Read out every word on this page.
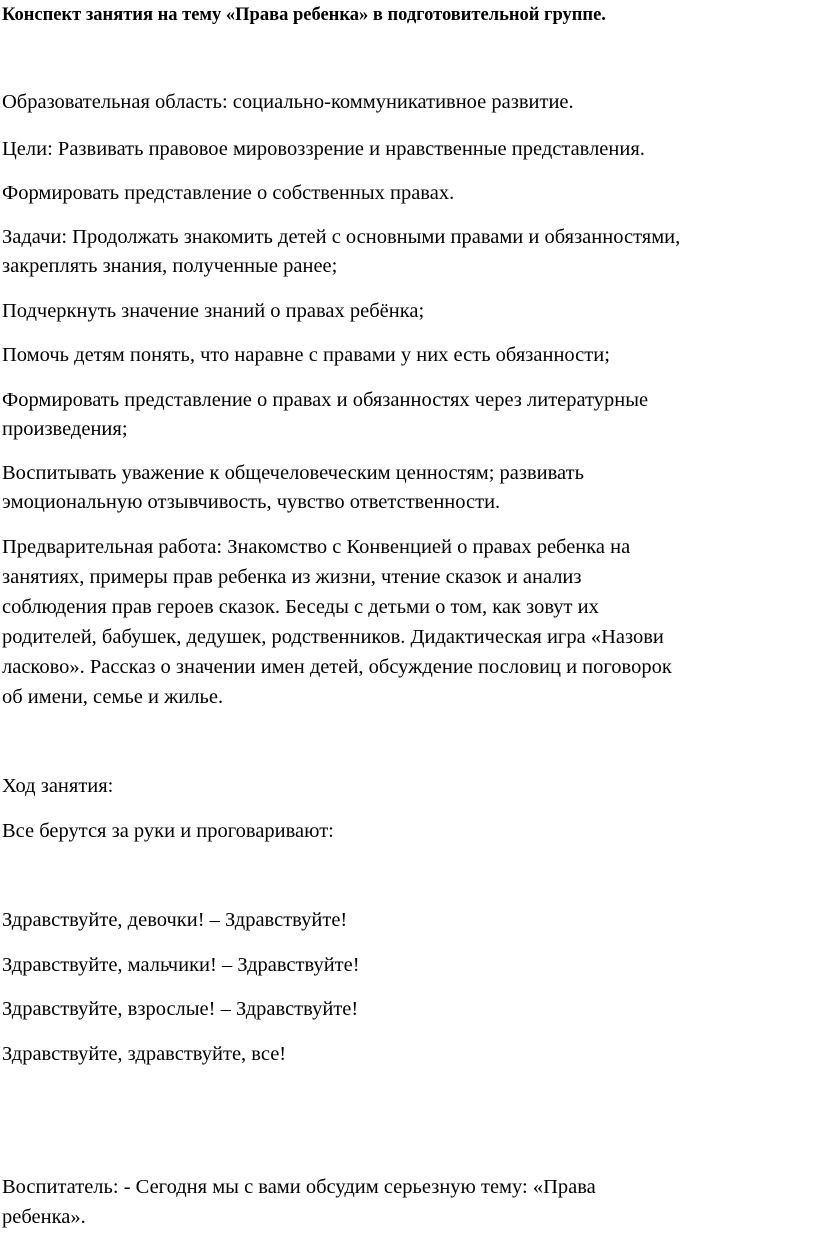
Конспект занятия на тему «Права ребенка» в подготовительной группе.

Образовательная область: социально-коммуникативное развитие.

Цели: Развивать правовое мировоззрение и нравственные представления.

Формировать представление о собственных правах.

Задачи: Продолжать знакомить детей с основными правами и обязанностями,

закреплять знания, полученные ранее;

Подчеркнуть значение знаний о правах ребёнка;

Помочь детям понять, что наравне с правами у них есть обязанности;

Формировать представление о правах и обязанностях через литературные

произведения;

Воспитывать уважение к общечеловеческим ценностям; развивать

эмоциональную отзывчивость, чувство ответственности.

Предварительная работа: Знакомство с Конвенцией о правах ребенка на

занятиях, примеры прав ребенка из жизни, чтение сказок и анализ

соблюдения прав героев сказок. Беседы с детьми о том, как зовут их

родителей, бабушек, дедушек, родственников. Дидактическая игра «Назови

ласково». Рассказ о значении имен детей, обсуждение пословиц и поговорок

об имени, семье и жилье.

Ход занятия:

Все берутся за руки и проговаривают:

Здравствуйте, девочки! – Здравствуйте!

Здравствуйте, мальчики! – Здравствуйте!

Здравствуйте, взрослые! – Здравствуйте!

Здравствуйте, здравствуйте, все!

Воспитатель: - Сегодня мы с вами обсудим серьезную тему: «Права

ребенка».
